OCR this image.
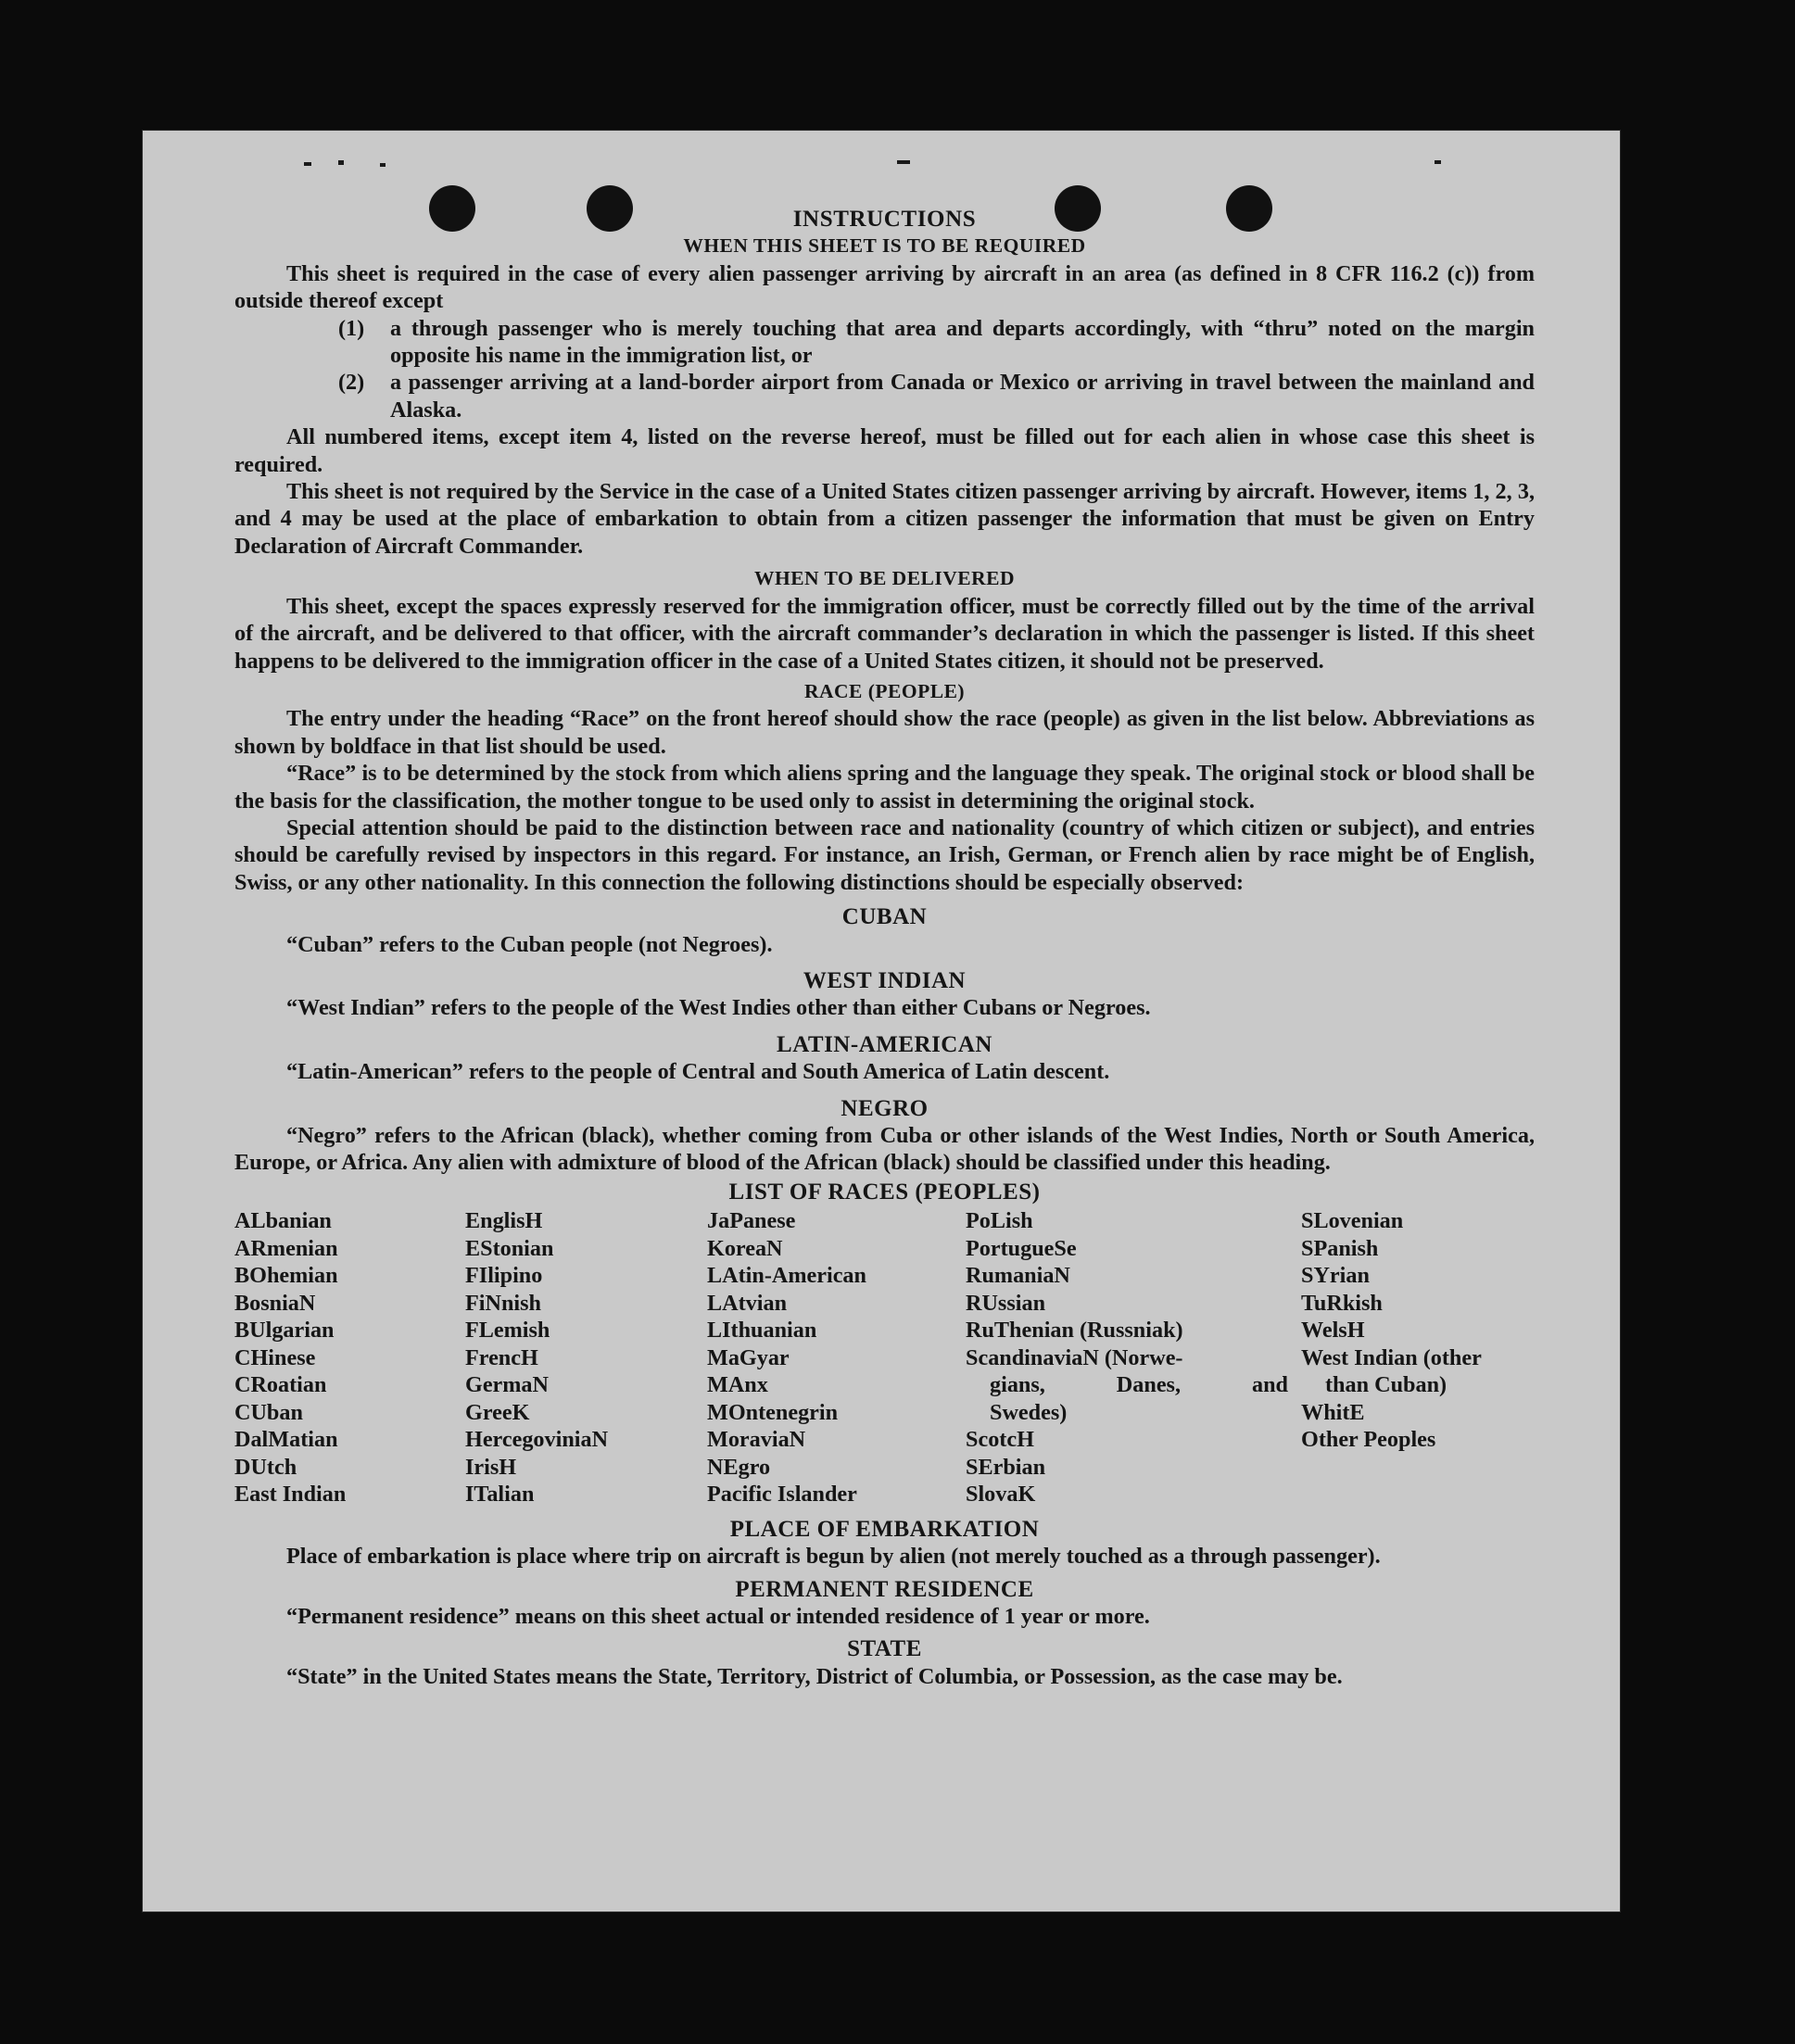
INSTRUCTIONS
WHEN THIS SHEET IS TO BE REQUIRED

This sheet is required in the case of every alien passenger arriving by aircraft in an area (as defined in 8 CFR 116.2 (c)) from outside thereof except

(1)	a through passenger who is merely touching that area and departs accordingly, with “thru” noted on the margin opposite his name in the immigration list, or
(2)	a passenger arriving at a land-border airport from Canada or Mexico or arriving in travel between the mainland and Alaska.

All numbered items, except item 4, listed on the reverse hereof, must be filled out for each alien in whose case this sheet is required.

This sheet is not required by the Service in the case of a United States citizen passenger arriving by aircraft. However, items 1, 2, 3, and 4 may be used at the place of embarkation to obtain from a citizen passenger the information that must be given on Entry Declaration of Aircraft Commander.

WHEN TO BE DELIVERED

This sheet, except the spaces expressly reserved for the immigration officer, must be correctly filled out by the time of the arrival of the aircraft, and be delivered to that officer, with the aircraft commander’s declaration in which the passenger is listed. If this sheet happens to be delivered to the immigration officer in the case of a United States citizen, it should not be preserved.

RACE (PEOPLE)

The entry under the heading “Race” on the front hereof should show the race (people) as given in the list below. Abbreviations as shown by boldface in that list should be used.

“Race” is to be determined by the stock from which aliens spring and the language they speak. The original stock or blood shall be the basis for the classification, the mother tongue to be used only to assist in determining the original stock.

Special attention should be paid to the distinction between race and nationality (country of which citizen or subject), and entries should be carefully revised by inspectors in this regard. For instance, an Irish, German, or French alien by race might be of English, Swiss, or any other nationality. In this connection the following distinctions should be especially observed:

CUBAN

“Cuban” refers to the Cuban people (not Negroes).

WEST INDIAN

“West Indian” refers to the people of the West Indies other than either Cubans or Negroes.

LATIN-AMERICAN

“Latin-American” refers to the people of Central and South America of Latin descent.

NEGRO

“Negro” refers to the African (black), whether coming from Cuba or other islands of the West Indies, North or South America, Europe, or Africa. Any alien with admixture of blood of the African (black) should be classified under this heading.

LIST OF RACES (PEOPLES)
ALbanian
ARmenian
BOhemian
BosniaN
BUlgarian
CHinese
CRoatian
CUban
DalMatian
DUtch
East Indian
EnglisH
EStonian
FIlipino
FiNnish
FLemish
FrencH
GermaN
GreeK
HercegovinіaN
IrisH
ITalian
JaPanese
KoreaN
LAtin-American
LAtvian
LIthuanian
MaGyar
MAnx
MOntenegrin
MoraviaN
NEgro
Pacific Islander
PoLish
PortugueSe
RumaniaN
RUssian
RuThenian (Russniak)
ScandinaviaN (Norwe-
gians, Danes, and
Swedes)
ScotcH
SErbian
SlovaK
SLovenian
SPanish
SYrian
TuRkish
WelsH
West Indian (other
than Cuban)
WhitE
Other Peoples
PLACE OF EMBARKATION

Place of embarkation is place where trip on aircraft is begun by alien (not merely touched as a through passenger).

PERMANENT RESIDENCE

“Permanent residence” means on this sheet actual or intended residence of 1 year or more.

STATE

“State” in the United States means the State, Territory, District of Columbia, or Possession, as the case may be.
